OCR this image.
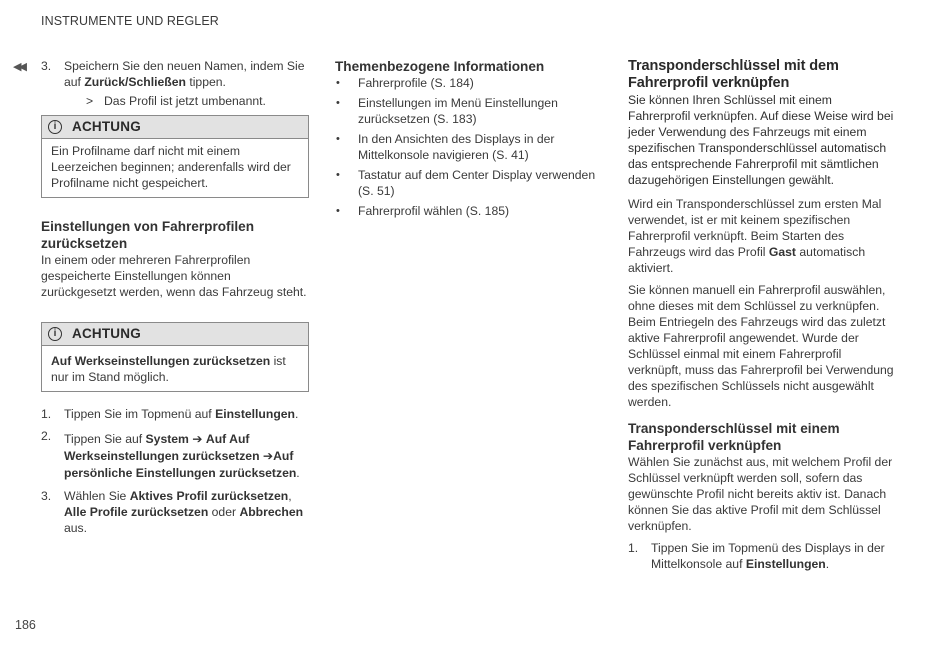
INSTRUMENTE UND REGLER
◀◀
186
3. Speichern Sie den neuen Namen, indem Sie auf Zurück/Schließen tippen.
> Das Profil ist jetzt umbenannt.
i	ACHTUNG
Ein Profilname darf nicht mit einem Leerzeichen beginnen; anderenfalls wird der Profilname nicht gespeichert.
Einstellungen von Fahrerprofilen zurücksetzen

In einem oder mehreren Fahrerprofilen gespeicherte Einstellungen können zurückgesetzt werden, wenn das Fahrzeug steht.

i	ACHTUNG
Auf Werkseinstellungen zurücksetzen ist nur im Stand möglich.
1. Tippen Sie im Topmenü auf Einstellungen.
2. Tippen Sie auf System ➔ Auf Auf Werkseinstellungen zurücksetzen ➔Auf persönliche Einstellungen zurücksetzen.
3. Wählen Sie Aktives Profil zurücksetzen, Alle Profile zurücksetzen oder Abbrechen aus.
Themenbezogene Informationen
• Fahrerprofile (S. 184)
• Einstellungen im Menü Einstellungen zurücksetzen (S. 183)
• In den Ansichten des Displays in der Mittelkonsole navigieren (S. 41)
• Tastatur auf dem Center Display verwenden (S. 51)
• Fahrerprofil wählen (S. 185)
Transponderschlüssel mit dem Fahrerprofil verknüpfen

Sie können Ihren Schlüssel mit einem Fahrerprofil verknüpfen. Auf diese Weise wird bei jeder Verwendung des Fahrzeugs mit einem spezifischen Transponderschlüssel automatisch das entsprechende Fahrerprofil mit sämtlichen dazugehörigen Einstellungen gewählt.

Wird ein Transponderschlüssel zum ersten Mal verwendet, ist er mit keinem spezifischen Fahrerprofil verknüpft. Beim Starten des Fahrzeugs wird das Profil Gast automatisch aktiviert.

Sie können manuell ein Fahrerprofil auswählen, ohne dieses mit dem Schlüssel zu verknüpfen. Beim Entriegeln des Fahrzeugs wird das zuletzt aktive Fahrerprofil angewendet. Wurde der Schlüssel einmal mit einem Fahrerprofil verknüpft, muss das Fahrerprofil bei Verwendung des spezifischen Schlüssels nicht ausgewählt werden.

Transponderschlüssel mit einem Fahrerprofil verknüpfen

Wählen Sie zunächst aus, mit welchem Profil der Schlüssel verknüpft werden soll, sofern das gewünschte Profil nicht bereits aktiv ist. Danach können Sie das aktive Profil mit dem Schlüssel verknüpfen.

1. Tippen Sie im Topmenü des Displays in der Mittelkonsole auf Einstellungen.
